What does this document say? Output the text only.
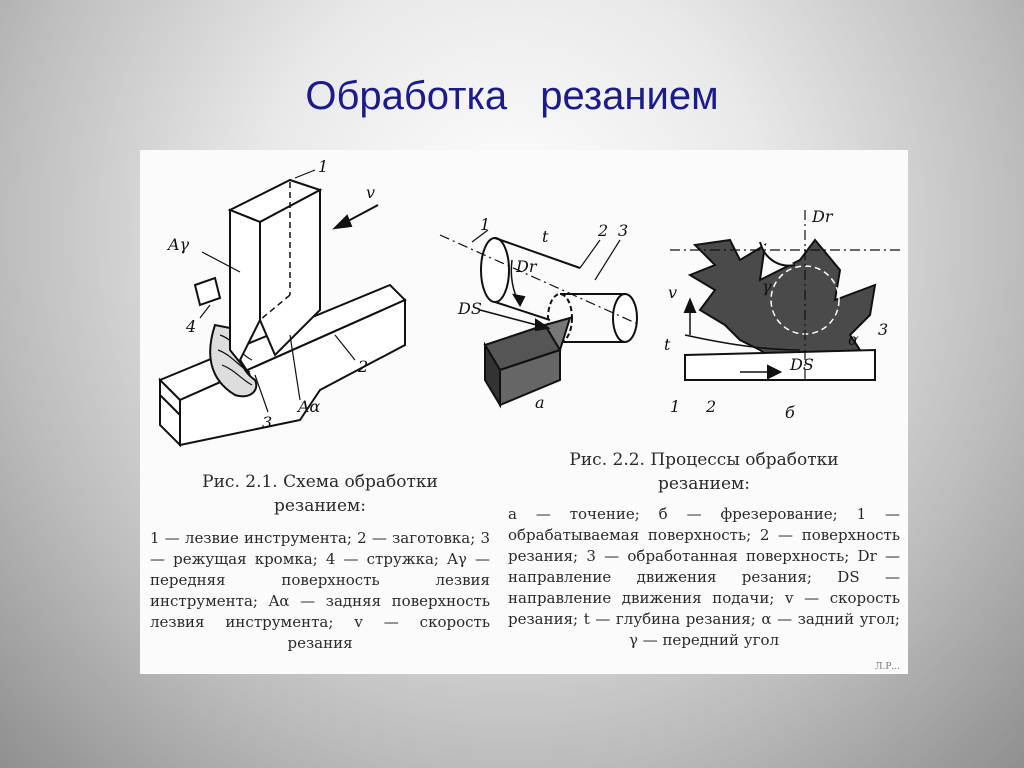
Обработка резанием
1
v
Aγ
4
2
3
Aα
1	2 3
Dr
DS
t
а
Dr
v
t
γ
α
3
1 2
DS
б
Рис. 2.1. Схема обработки
резанием:
1 — лезвие инструмента; 2 — заготовка; 3 — режущая кромка; 4 — стружка; Aγ — передняя поверхность лезвия инструмента; Aα — задняя поверхность лезвия инструмента; v — скорость резания
Рис. 2.2. Процессы обработки
резанием:
а — точение; б — фрезерование; 1 — обрабатываемая поверхность; 2 — поверхность резания; 3 — обработанная поверхность; Dr — направление движения резания; DS — направление движения подачи; v — скорость резания; t — глубина резания; α — задний угол; γ — передний угол
Л.Р...
